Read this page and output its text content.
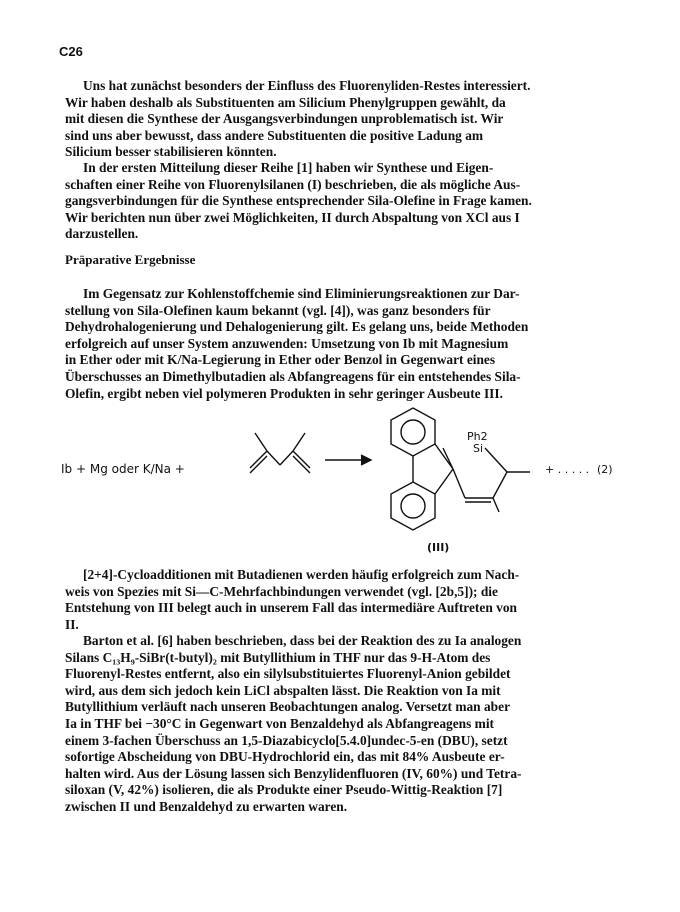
C26

Uns hat zunächst besonders der Einfluss des Fluorenyliden-Restes interessiert.
Wir haben deshalb als Substituenten am Silicium Phenylgruppen gewählt, da
mit diesen die Synthese der Ausgangsverbindungen unproblematisch ist. Wir
sind uns aber bewusst, dass andere Substituenten die positive Ladung am
Silicium besser stabilisieren könnten.

In der ersten Mitteilung dieser Reihe [1] haben wir Synthese und Eigen-
schaften einer Reihe von Fluorenylsilanen (I) beschrieben, die als mögliche Aus-
gangsverbindungen für die Synthese entsprechender Sila-Olefine in Frage kamen.
Wir berichten nun über zwei Möglichkeiten, II durch Abspaltung von XCl aus I
darzustellen.

Präparative Ergebnisse

Im Gegensatz zur Kohlenstoffchemie sind Eliminierungsreaktionen zur Dar-
stellung von Sila-Olefinen kaum bekannt (vgl. [4]), was ganz besonders für
Dehydrohalogenierung und Dehalogenierung gilt. Es gelang uns, beide Methoden
erfolgreich auf unser System anzuwenden: Umsetzung von Ib mit Magnesium
in Ether oder mit K/Na-Legierung in Ether oder Benzol in Gegenwart eines
Überschusses an Dimethylbutadien als Abfangreagens für ein entstehendes Sila-
Olefin, ergibt neben viel polymeren Produkten in sehr geringer Ausbeute III.

Ib + Mg oder K/Na +
Ph2
Si
+ . . . . . (2)
(III)

[2+4]-Cycloadditionen mit Butadienen werden häufig erfolgreich zum Nach-
weis von Spezies mit Si—C-Mehrfachbindungen verwendet (vgl. [2b,5]); die
Entstehung von III belegt auch in unserem Fall das intermediäre Auftreten von
II.

Barton et al. [6] haben beschrieben, dass bei der Reaktion des zu Ia analogen
Silans C₁₃H₉-SiBr(t-butyl)₂ mit Butyllithium in THF nur das 9-H-Atom des
Fluorenyl-Restes entfernt, also ein silylsubstituiertes Fluorenyl-Anion gebildet
wird, aus dem sich jedoch kein LiCl abspalten lässt. Die Reaktion von Ia mit
Butyllithium verläuft nach unseren Beobachtungen analog. Versetzt man aber
Ia in THF bei −30°C in Gegenwart von Benzaldehyd als Abfangreagens mit
einem 3-fachen Überschuss an 1,5-Diazabicyclo[5.4.0]undec-5-en (DBU), setzt
sofortige Abscheidung von DBU-Hydrochlorid ein, das mit 84% Ausbeute er-
halten wird. Aus der Lösung lassen sich Benzylidenfluoren (IV, 60%) und Tetra-
siloxan (V, 42%) isolieren, die als Produkte einer Pseudo-Wittig-Reaktion [7]
zwischen II und Benzaldehyd zu erwarten waren.
